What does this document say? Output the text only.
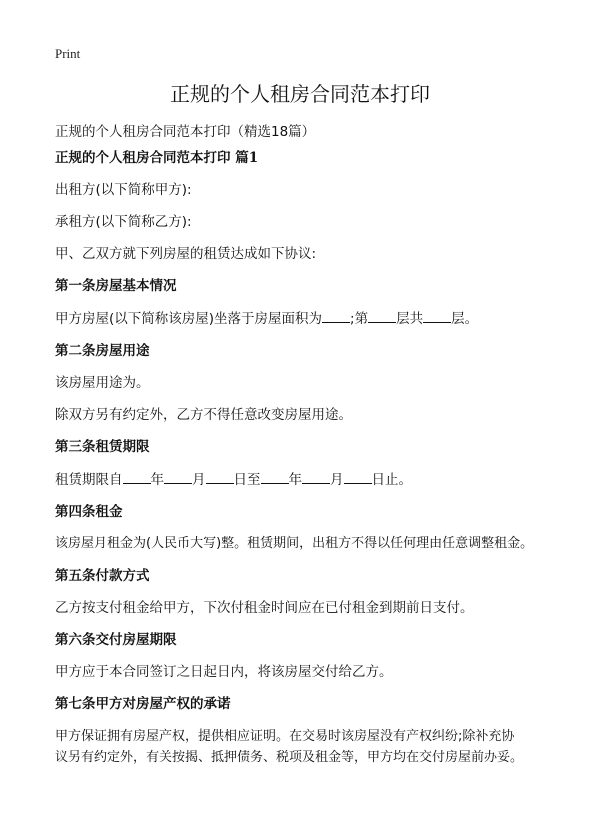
Print
正规的个人租房合同范本打印

正规的个人租房合同范本打印（精选18篇）

正规的个人租房合同范本打印 篇1

出租方(以下简称甲方):

承租方(以下简称乙方):

甲、乙双方就下列房屋的租赁达成如下协议:

第一条房屋基本情况

甲方房屋(以下简称该房屋)坐落于房屋面积为 ;第 层共 层。

第二条房屋用途

该房屋用途为。

除双方另有约定外，乙方不得任意改变房屋用途。

第三条租赁期限

租赁期限自 年 月 日至 年 月 日止。

第四条租金

该房屋月租金为(人民币大写)整。租赁期间，出租方不得以任何理由任意调整租金。

第五条付款方式

乙方按支付租金给甲方，下次付租金时间应在已付租金到期前日支付。

第六条交付房屋期限

甲方应于本合同签订之日起日内，将该房屋交付给乙方。

第七条甲方对房屋产权的承诺

甲方保证拥有房屋产权，提供相应证明。在交易时该房屋没有产权纠纷;除补充协

议另有约定外，有关按揭、抵押债务、税项及租金等，甲方均在交付房屋前办妥。
